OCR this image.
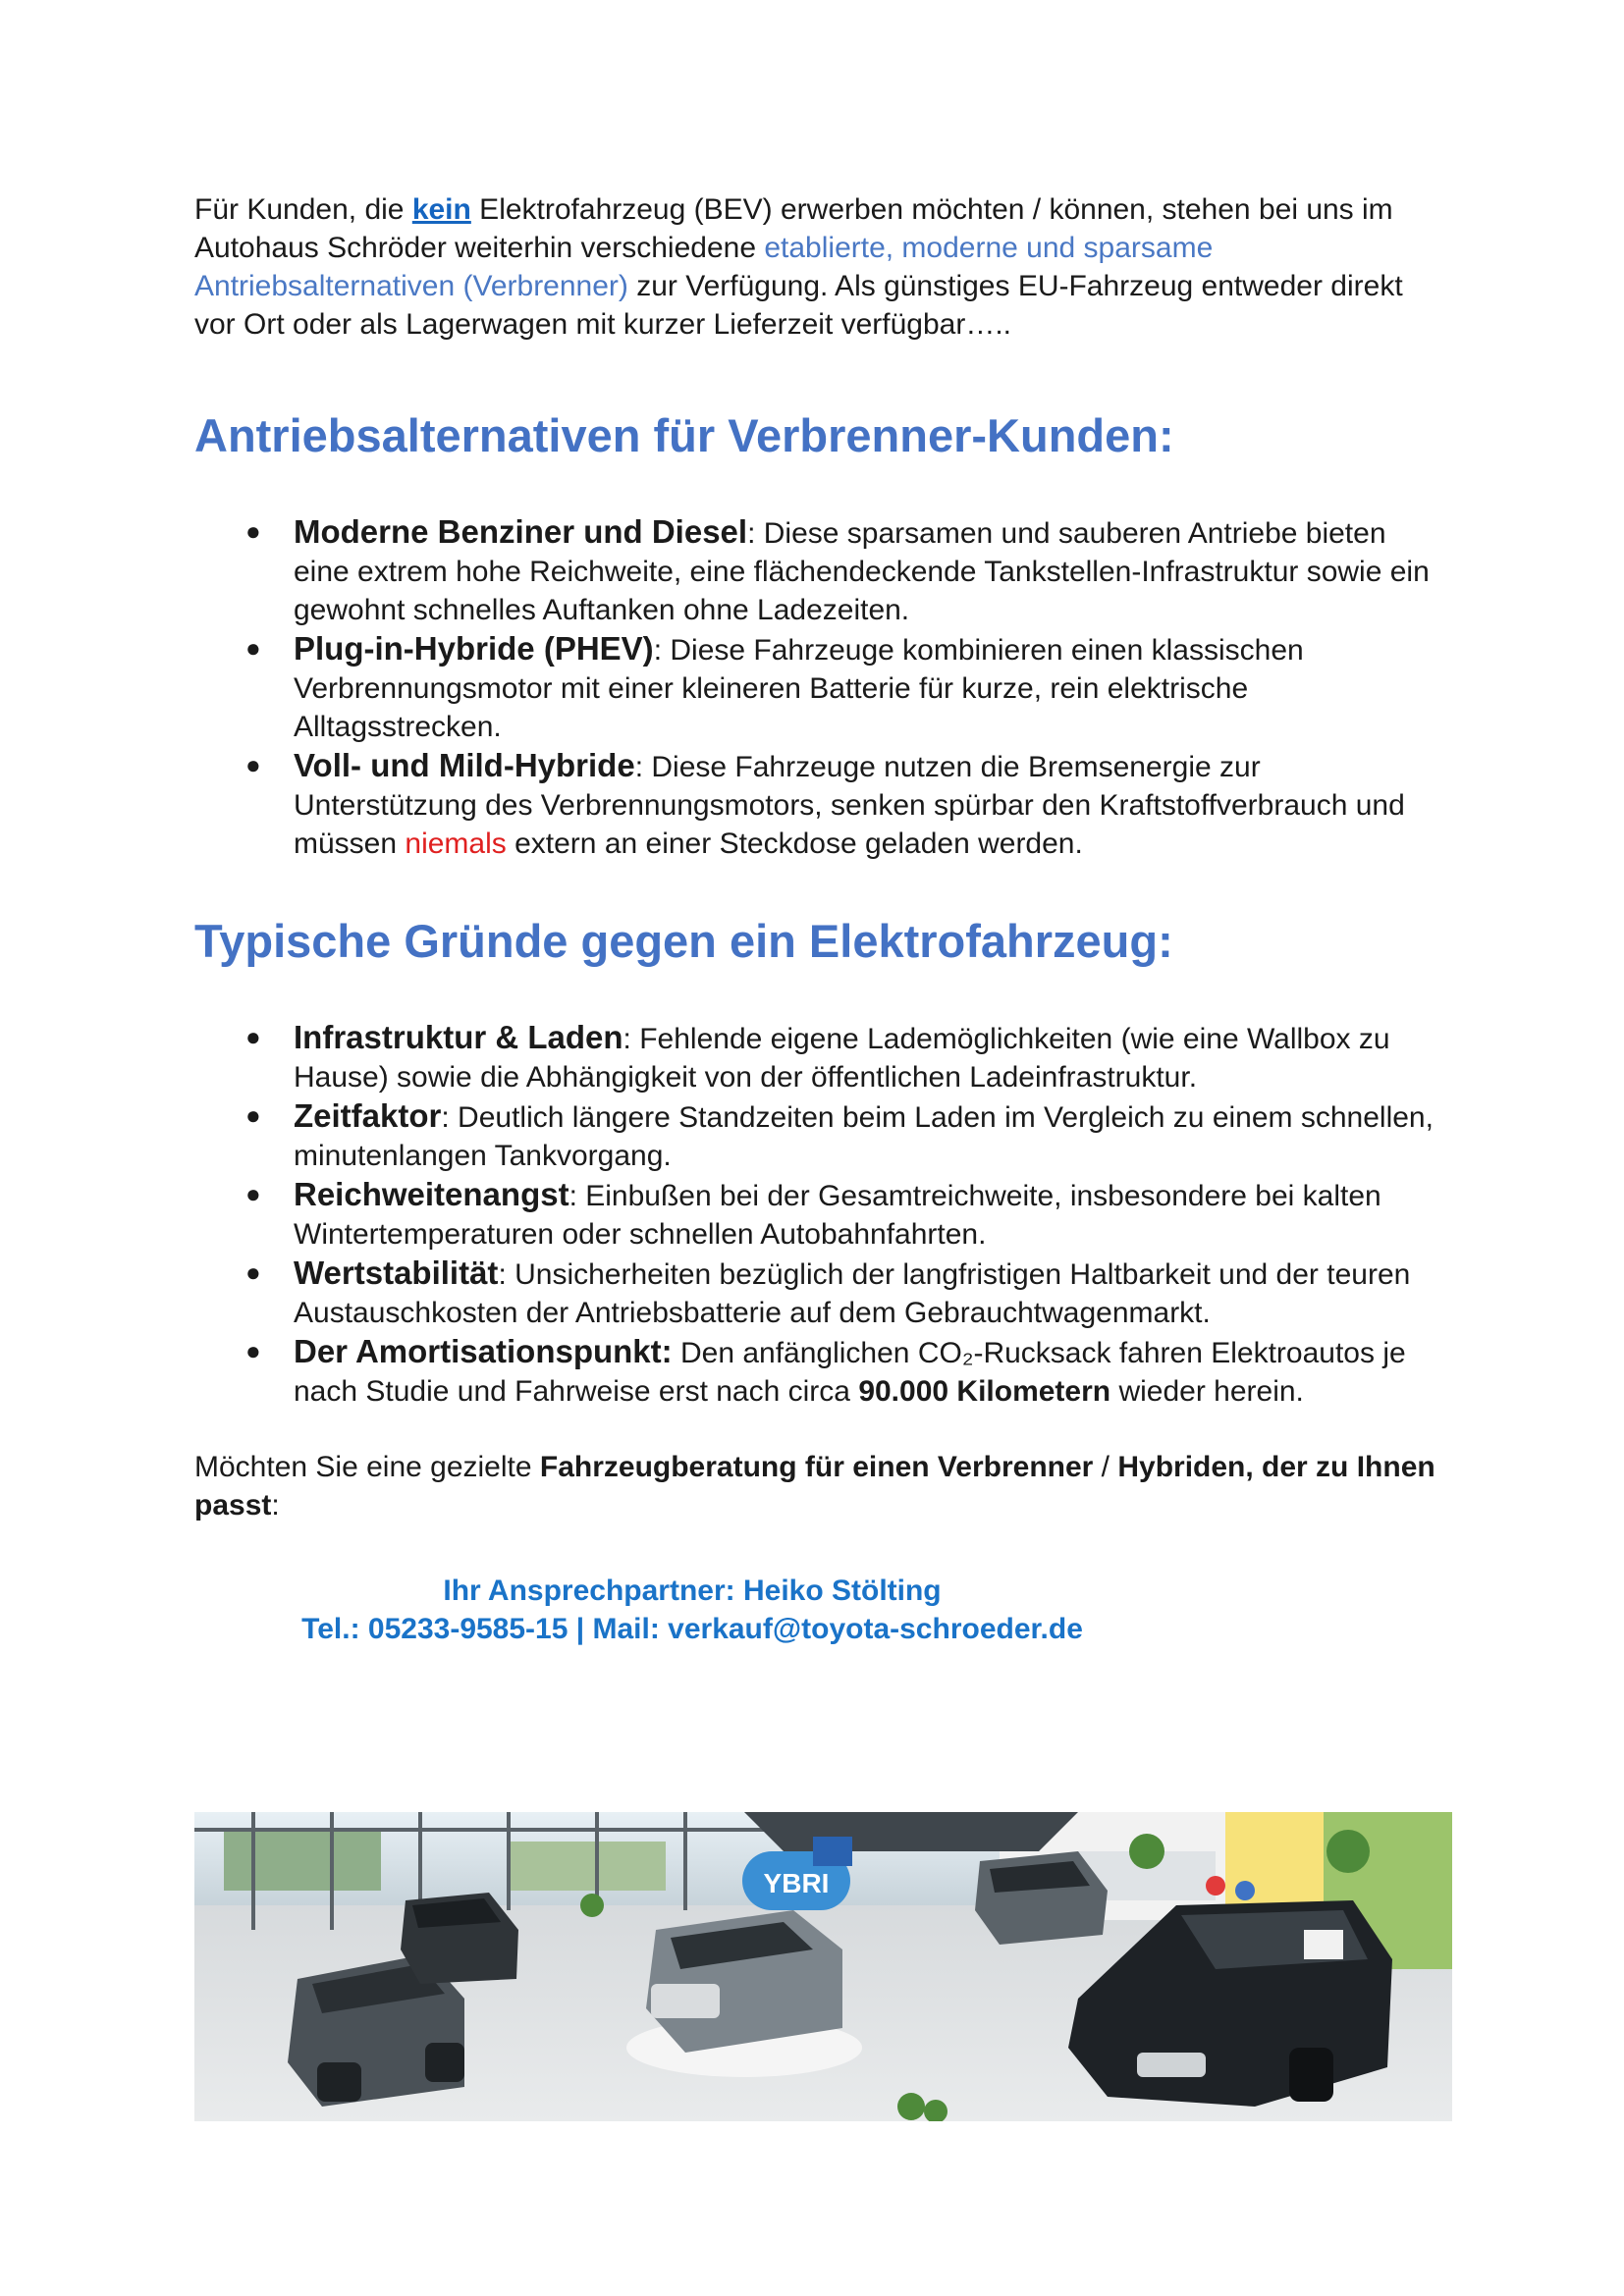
Für Kunden, die kein Elektrofahrzeug (BEV) erwerben möchten / können, stehen bei uns im Autohaus Schröder weiterhin verschiedene etablierte, moderne und sparsame Antriebsalternativen (Verbrenner) zur Verfügung. Als günstiges EU-Fahrzeug entweder direkt vor Ort oder als Lagerwagen mit kurzer Lieferzeit verfügbar…..

Antriebsalternativen für Verbrenner-Kunden:
● Moderne Benziner und Diesel: Diese sparsamen und sauberen Antriebe bieten eine extrem hohe Reichweite, eine flächendeckende Tankstellen-Infrastruktur sowie ein gewohnt schnelles Auftanken ohne Ladezeiten.
● Plug-in-Hybride (PHEV): Diese Fahrzeuge kombinieren einen klassischen Verbrennungsmotor mit einer kleineren Batterie für kurze, rein elektrische Alltagsstrecken.
● Voll- und Mild-Hybride: Diese Fahrzeuge nutzen die Bremsenergie zur Unterstützung des Verbrennungsmotors, senken spürbar den Kraftstoffverbrauch und müssen niemals extern an einer Steckdose geladen werden.
Typische Gründe gegen ein Elektrofahrzeug:
● Infrastruktur & Laden: Fehlende eigene Lademöglichkeiten (wie eine Wallbox zu Hause) sowie die Abhängigkeit von der öffentlichen Ladeinfrastruktur.
● Zeitfaktor: Deutlich längere Standzeiten beim Laden im Vergleich zu einem schnellen, minutenlangen Tankvorgang.
● Reichweitenangst: Einbußen bei der Gesamtreichweite, insbesondere bei kalten Wintertemperaturen oder schnellen Autobahnfahrten.
● Wertstabilität: Unsicherheiten bezüglich der langfristigen Haltbarkeit und der teuren Austauschkosten der Antriebsbatterie auf dem Gebrauchtwagenmarkt.
● Der Amortisationspunkt: Den anfänglichen CO₂-Rucksack fahren Elektroautos je nach Studie und Fahrweise erst nach circa 90.000 Kilometern wieder herein.

Möchten Sie eine gezielte Fahrzeugberatung für einen Verbrenner / Hybriden, der zu Ihnen passt:

Ihr Ansprechpartner: Heiko Stölting
Tel.: 05233-9585-15 | Mail: verkauf@toyota-schroeder.de
YBRI
